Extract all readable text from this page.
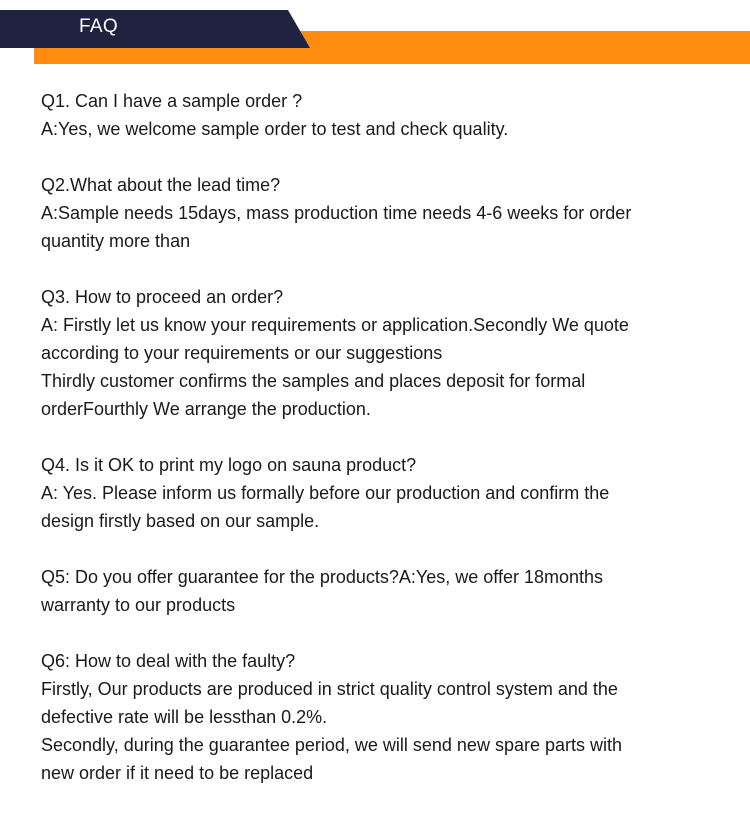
FAQ
Q1. Can I have a sample order ?
A:Yes, we welcome sample order to test and check quality.
Q2.What about the lead time?
A:Sample needs 15days, mass production time needs 4-6 weeks for order
quantity more than
Q3. How to proceed an order?
A: Firstly let us know your requirements or application.Secondly We quote
according to your requirements or our suggestions
Thirdly customer confirms the samples and places deposit for formal
orderFourthly We arrange the production.
Q4. Is it OK to print my logo on sauna product?
A: Yes. Please inform us formally before our production and confirm the
design firstly based on our sample.
Q5: Do you offer guarantee for the products?A:Yes, we offer 18months
warranty to our products
Q6: How to deal with the faulty?
Firstly, Our products are produced in strict quality control system and the
defective rate will be lessthan 0.2%.
Secondly, during the guarantee period, we will send new spare parts with
new order if it need to be replaced
